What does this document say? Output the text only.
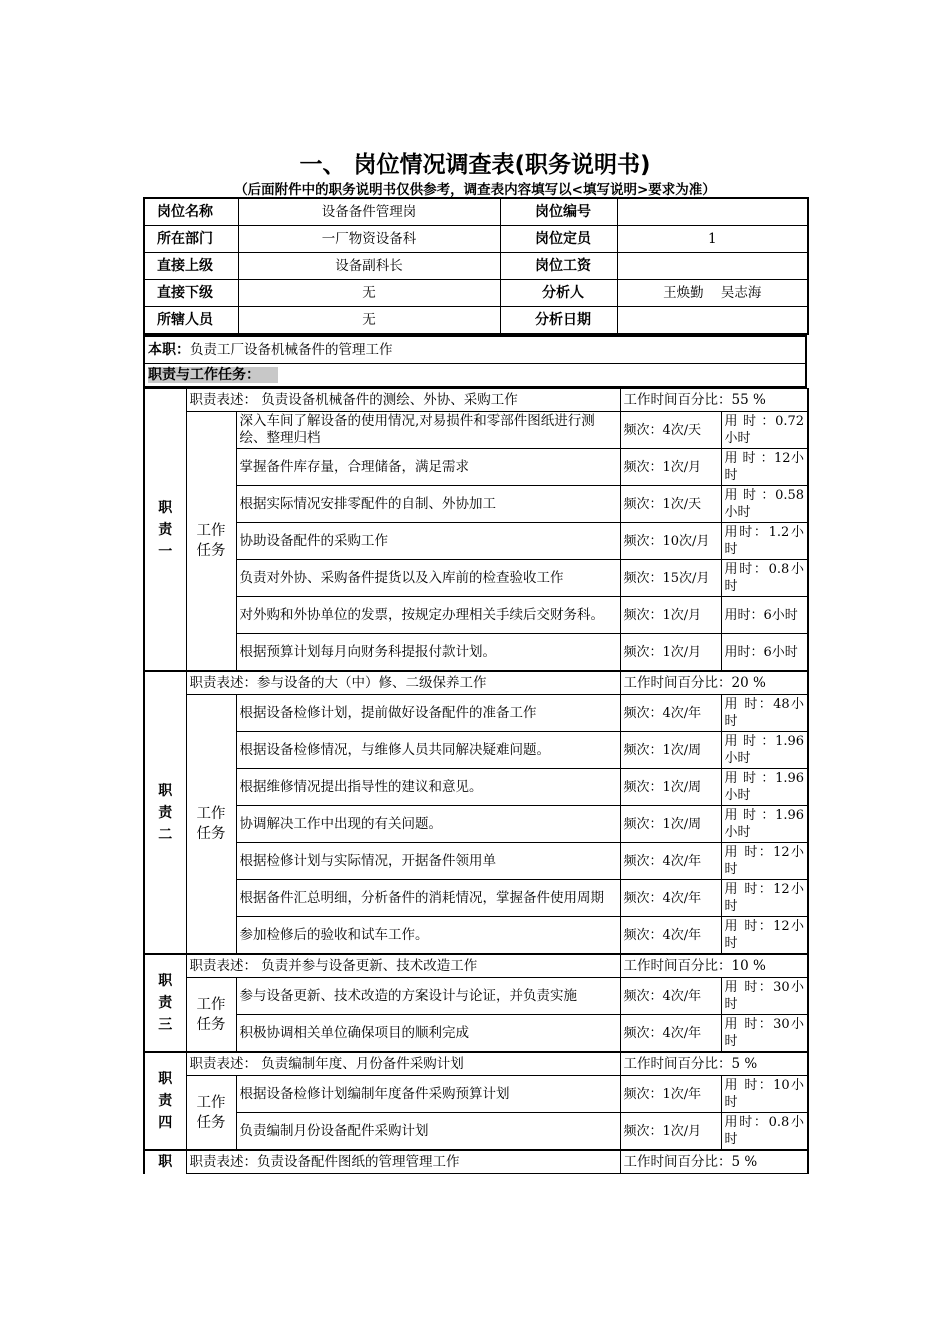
一、 岗位情况调查表(职务说明书)
（后面附件中的职务说明书仅供参考，调查表内容填写以<填写说明>要求为准）
岗位名称	设备备件管理岗	岗位编号	
所在部门	一厂物资设备科	岗位定员	1
直接上级	设备副科长	岗位工资	
直接下级	无	分析人	王焕勤    吴志海
所辖人员	无	分析日期	
本职：负责工厂设备机械备件的管理工作
职责与工作任务：
职责一	职责表述： 负责设备机械备件的测绘、外协、采购工作		工作时间百分比：55 %	

	工作任务	深入车间了解设备的使用情况,对易损件和零部件图纸进行测绘、整理归档	频次：4次/天	用 时 ：0.72小时
		掌握备件库存量，合理储备，满足需求	频次：1次/月	用 时 ：12小时
		根据实际情况安排零配件的自制、外协加工	频次：1次/天	用 时 ：0.58小时
		协助设备配件的采购工作	频次：10次/月	用时：1.2小时
		负责对外协、采购备件提货以及入库前的检查验收工作	频次：15次/月	用时：0.8小时
		对外购和外协单位的发票，按规定办理相关手续后交财务科。	频次：1次/月	用时：6小时
		根据预算计划每月向财务科提报付款计划。	频次：1次/月	用时：6小时

职责二	职责表述：参与设备的大（中）修、二级保养工作		工作时间百分比：20 %	

	工作任务	根据设备检修计划，提前做好设备配件的准备工作	频次：4次/年	用 时：48小时
		根据设备检修情况，与维修人员共同解决疑难问题。	频次：1次/周	用 时 ：1.96小时
		根据维修情况提出指导性的建议和意见。	频次：1次/周	用 时 ：1.96小时
		协调解决工作中出现的有关问题。	频次：1次/周	用 时 ：1.96小时
		根据检修计划与实际情况，开据备件领用单	频次：4次/年	用 时：12小时
		根据备件汇总明细，分析备件的消耗情况，掌握备件使用周期	频次：4次/年	用 时：12小时
		参加检修后的验收和试车工作。	频次：4次/年	用 时：12小时

职责三	职责表述： 负责并参与设备更新、技术改造工作		工作时间百分比：10 %	

	工作任务	参与设备更新、技术改造的方案设计与论证，并负责实施	频次：4次/年	用 时：30小时
		积极协调相关单位确保项目的顺利完成	频次：4次/年	用 时：30小时

职责四	职责表述： 负责编制年度、月份备件采购计划		工作时间百分比：5 %	

	工作任务	根据设备检修计划编制年度备件采购预算计划	频次：1次/年	用 时：10小时
		负责编制月份设备配件采购计划	频次：1次/月	用时：0.8小时

职	职责表述：负责设备配件图纸的管理管理工作		工作时间百分比：5 %	
